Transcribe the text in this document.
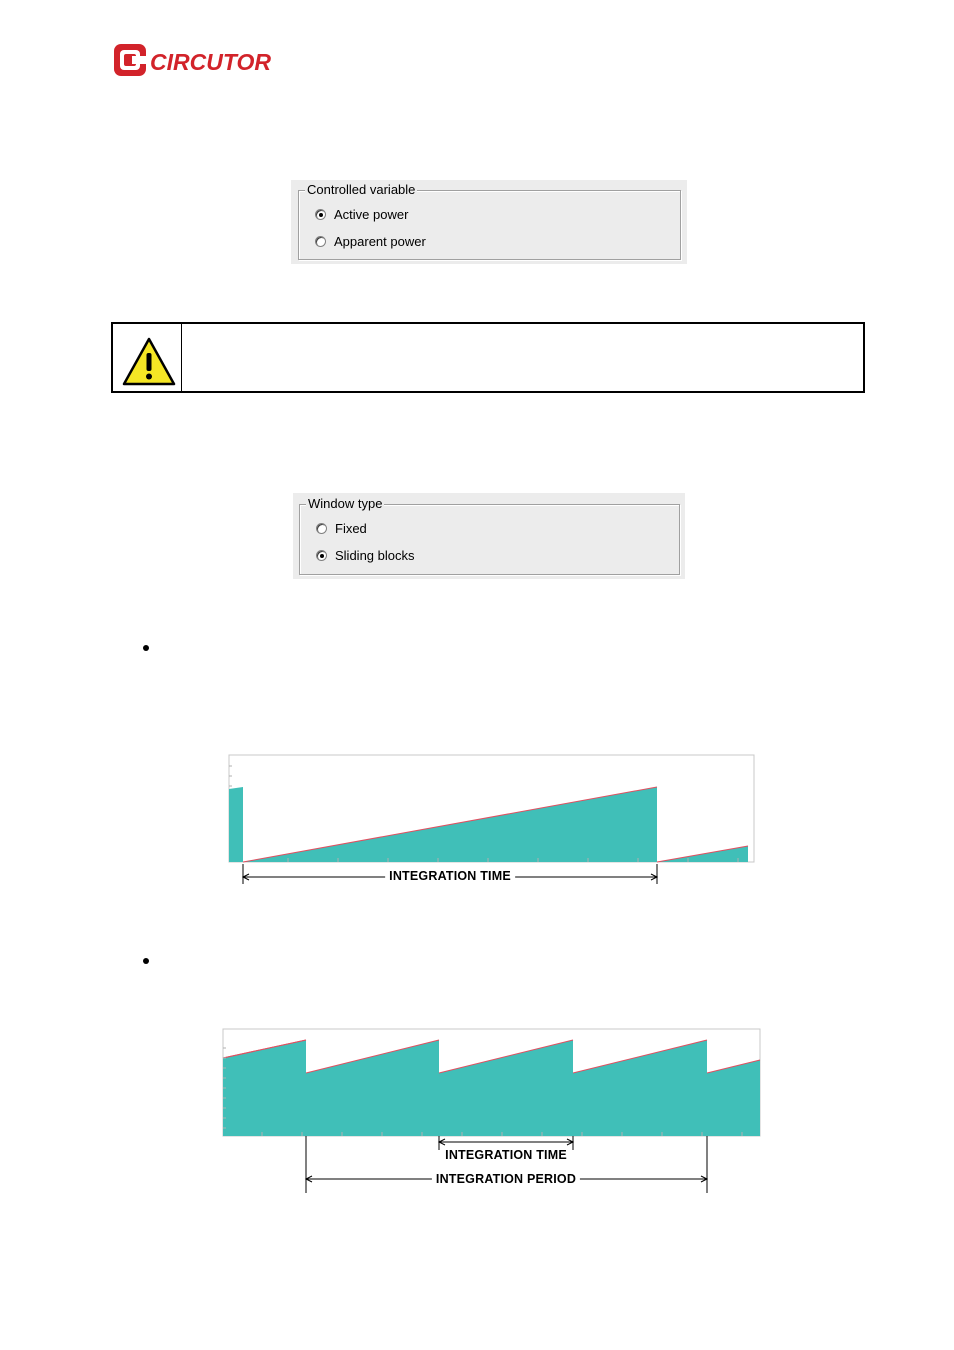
CIRCUTOR
Controlled variable
Active power
Apparent power
Window type
Fixed
Sliding blocks
INTEGRATION TIME
INTEGRATION TIME
INTEGRATION PERIOD
